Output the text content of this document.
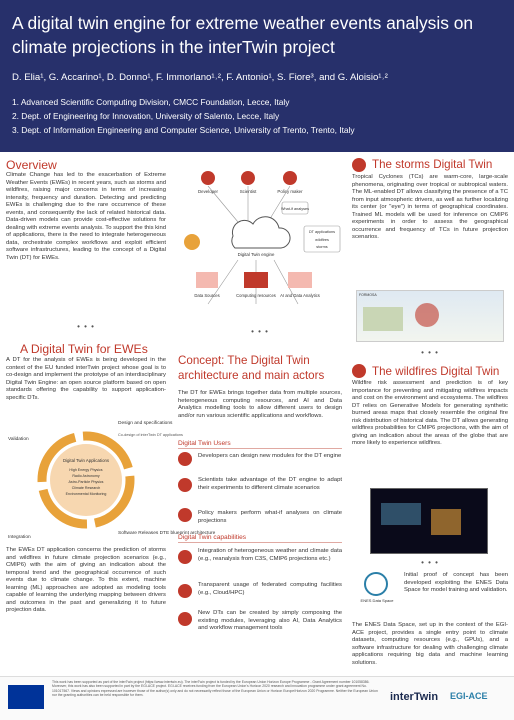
A digital twin engine for extreme weather events analysis on climate projections in the interTwin project
D. Elia¹, G. Accarino¹, D. Donno¹, F. Immorlano¹˒², F. Antonio¹, S. Fiore³, and G. Aloisio¹˒²
1. Advanced Scientific Computing Division, CMCC Foundation, Lecce, Italy
2. Dept. of Engineering for Innovation, University of Salento, Lecce, Italy
3. Dept. of Information Engineering and Computer Science, University of Trento, Trento, Italy
Overview
Climate Change has led to the exacerbation of Extreme Weather Events (EWEs) in recent years, such as storms and wildfires, raising major concerns in terms of increasing intensity, frequency and duration. Detecting and predicting EWEs is challenging due to the rare occurrence of these events, and consequently the lack of related historical data. Data-driven models can provide cost-effective solutions for dealing with extreme events analysis. To support the this kind of applications, there is the need to integrate heterogeneous data, orchestrate complex workflows and exploit efficient software infrastructures, leading to the concept of a Digital Twin (DT) for EWEs.
• • •
A Digital Twin for EWEs
A DT for the analysis of EWEs is being developed in the context of the EU funded interTwin project whose goal is to co-design and implement the prototype of an interdisciplinary Digital Twin Engine: an open source platform based on open standards offering the capability to support application-specific DTs.
Digital Twin Applications
High Energy Physics
Radio Astronomy
Astro-Particle Physics
Climate Research
Environmental Monitoring
Validation
Design and specifications
Co-design of interTwin DT applications
Integration
Software Releases DTE blueprint architecture
The EWEs DT application concerns the prediction of storms and wildfires in future climate projection scenarios (e.g., CMIP6) with the aim of giving an indication about the temporal trend and the geographical occurrence of such events due to climate change. To this extent, machine learning (ML) approaches are adopted as modeling tools capable of learning the underlying mapping between drivers and outcomes in the past and generalizing it to future projection data.
Developer	Scientist	Policy maker
What-if analyses
Digital Twin engine
DT applications
wildfires
storms
Data Sources	Computing resources AI and Data Analytics
• • •
Concept: The Digital Twin architecture and main actors
The DT for EWEs brings together data from multiple sources, heterogeneous computing resources, and AI and Data Analytics modelling tools to allow different users to design and/or run various scientific applications and workflows.
Digital Twin Users
Developers can design new modules for the DT engine
Scientists take advantage of the DT engine to adapt their experiments to different climate scenarios
Policy makers perform what-if analyses on climate projections
Digital Twin capabilities
Integration of heterogeneous weather and climate data (e.g., reanalysis from C3S, CMIP6 projections etc.)
Transparent usage of federated computing facilities (e.g., Cloud/HPC)
New DTs can be created by simply composing the existing modules, leveraging also AI, Data Analytics and workflow management tools
The storms Digital Twin
Tropical Cyclones (TCs) are warm-core, large-scale phenomena, originating over tropical or subtropical waters. The ML-enabled DT allows classifying the presence of a TC from input atmospheric drivers, as well as further localizing its center (or "eye") in terms of geographical coordinates. Trained ML models will be used for inference on CMIP6 experiments in order to assess the geographical occurrence and frequency of TCs in future projection scenarios.
FORMOSA
• • •
The wildfires Digital Twin
Wildfire risk assessment and prediction is of key importance for preventing and mitigating wildfires impacts and cost on the environment and ecosystems. The wildfires DT relies on Generative Models for generating synthetic burned areas maps that closely resemble the original fire risk distribution of historical data. The DT allows generating wildfires probabilities for CMIP6 projections, with the aim of giving an indication about the areas of the globe that are more likely to experience wildfires.
• • •
ENES Data Space
Initial proof of concept has been developed exploiting the ENES Data Space for model training and validation.
The ENES Data Space, set up in the context of the EGI-ACE project, provides a single entry point to climate datasets, computing resources (e.g., GPUs), and a software infrastructure for dealing with challenging climate applications requiring big data and machine learning solutions.
This work has been supported as part of the interTwin project (https://www.intertwin.eu). The interTwin project is funded by the European Union Horizon Europe Programme - Grant Agreement number 101058386. Moreover, this work has also been supported in part by the EGI-ACE project. EGI-ACE receives funding from the European Union's Horizon 2020 research and innovation programme under grant agreement No. 101017567. Views and opinions expressed are however those of the author(s) only and do not necessarily reflect those of the European Union or Horizon Europe/Horizon 2020 Programme. Neither the European Union nor the granting authorities can be held responsible for them.	interTwin EGI-ACE
